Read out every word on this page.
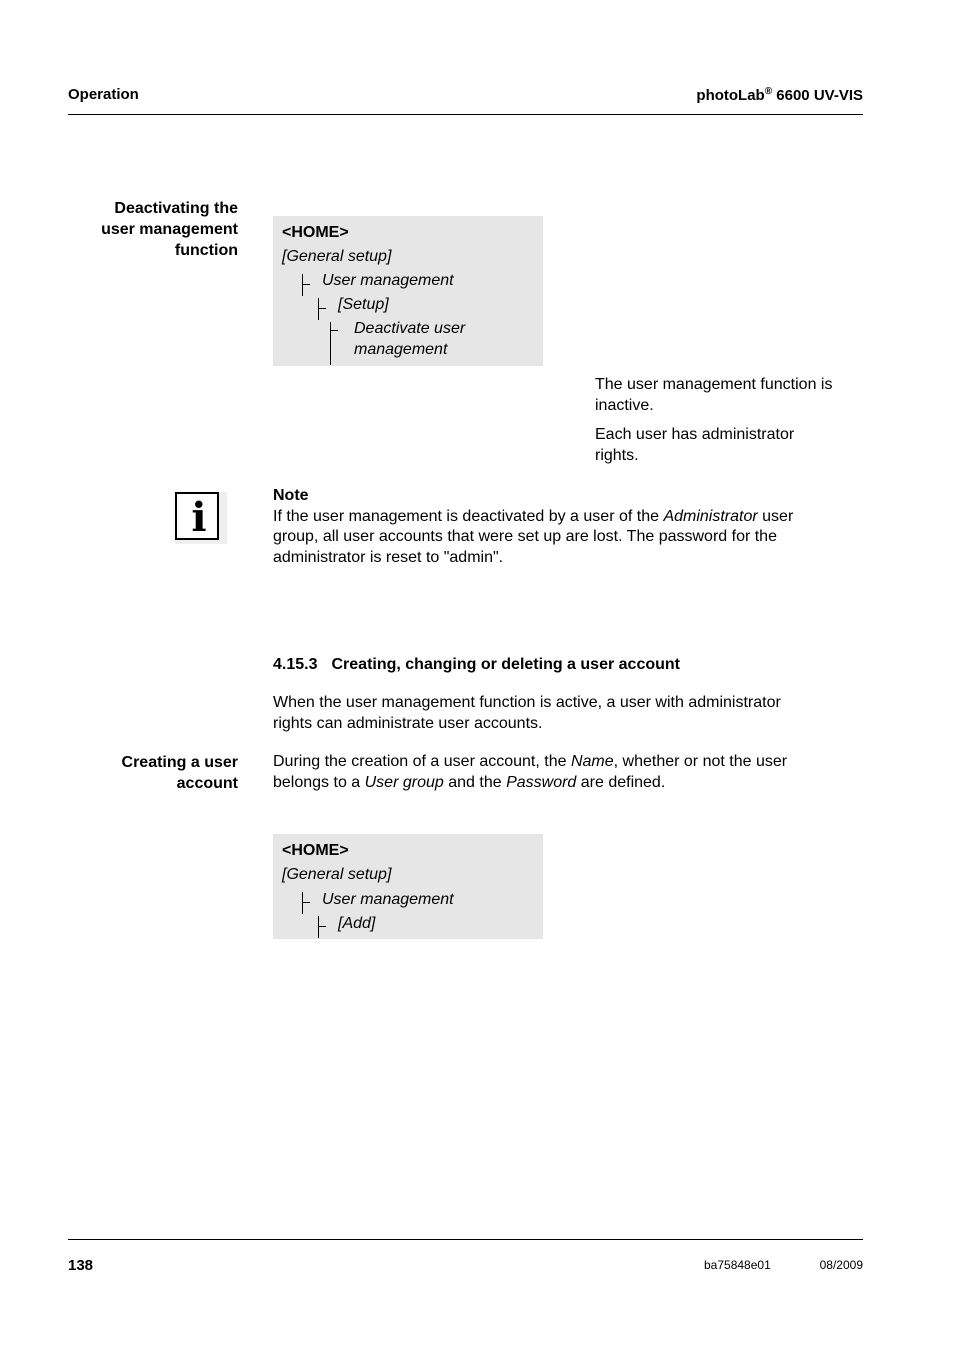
Operation	photoLab® 6600 UV-VIS
Deactivating the
user management
function
<HOME>
[General setup]
User management
[Setup]
Deactivate user
management
The user management function is
inactive.
Each user has administrator
rights.
i	Note
If the user management is deactivated by a user of the Administrator user
group, all user accounts that were set up are lost. The password for the
administrator is reset to "admin".
4.15.3 Creating, changing or deleting a user account
When the user management function is active, a user with administrator
rights can administrate user accounts.
Creating a user
account
During the creation of a user account, the Name, whether or not the user
belongs to a User group and the Password are defined.
<HOME>
[General setup]
User management
[Add]
138	ba75848e01	08/2009
